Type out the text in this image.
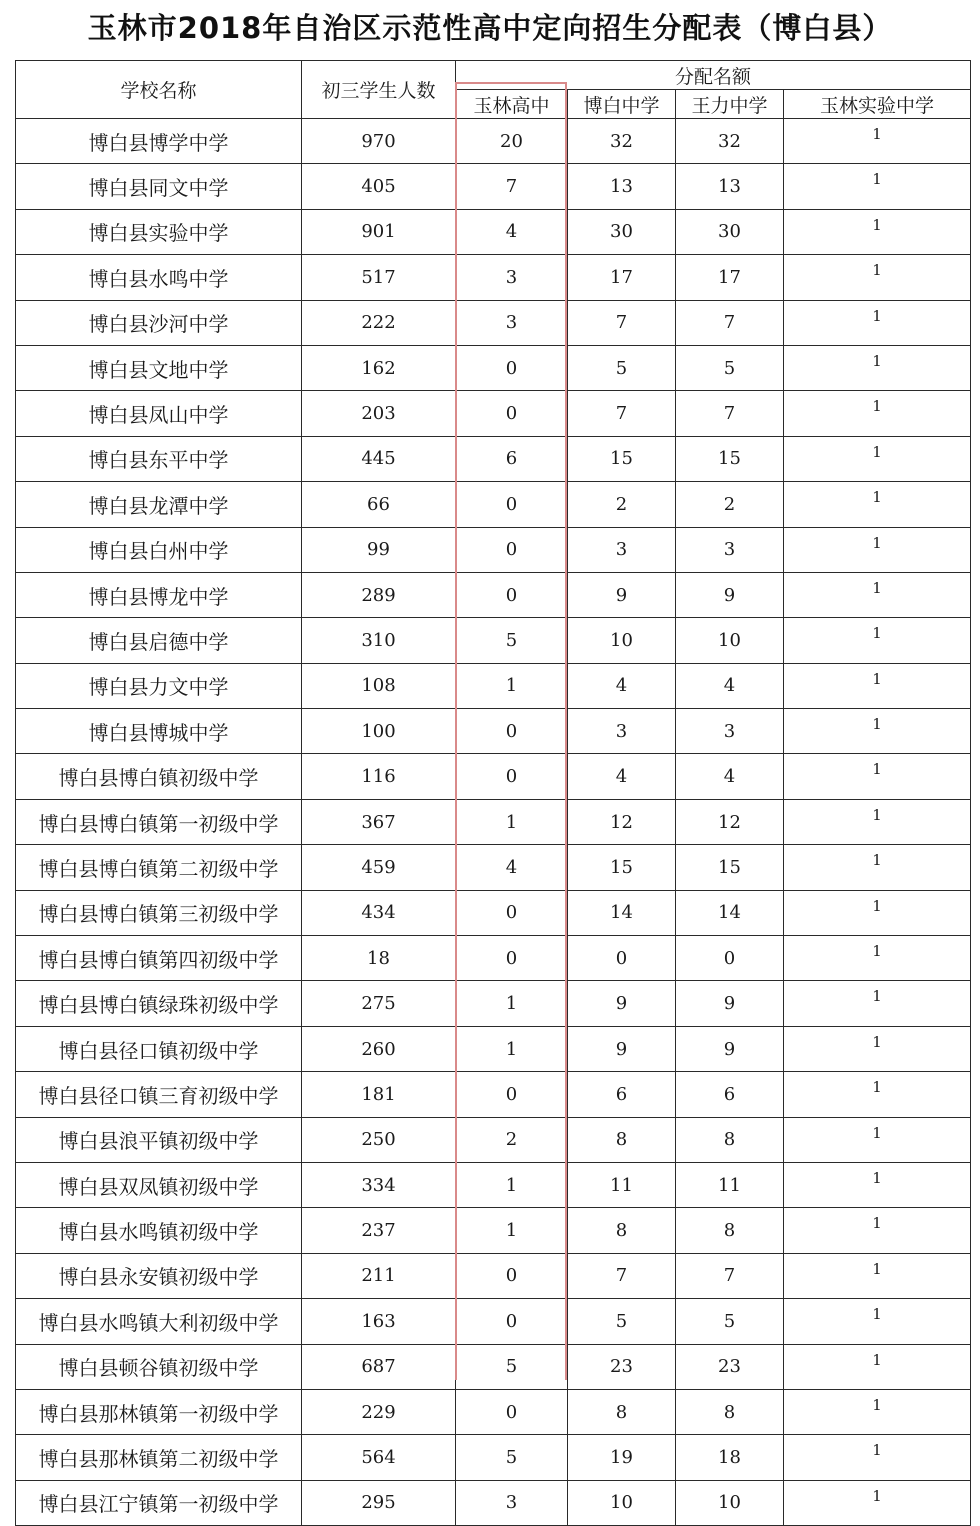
玉林市2018年自治区示范性高中定向招生分配表（博白县）
学校名称	初三学生人数	分配名额			
		玉林高中	博白中学	王力中学	玉林实验中学
博白县博学中学	970	20	32	32	1
博白县同文中学	405	7	13	13	1
博白县实验中学	901	4	30	30	1
博白县水鸣中学	517	3	17	17	1
博白县沙河中学	222	3	7	7	1
博白县文地中学	162	0	5	5	1
博白县凤山中学	203	0	7	7	1
博白县东平中学	445	6	15	15	1
博白县龙潭中学	66	0	2	2	1
博白县白州中学	99	0	3	3	1
博白县博龙中学	289	0	9	9	1
博白县启德中学	310	5	10	10	1
博白县力文中学	108	1	4	4	1
博白县博城中学	100	0	3	3	1
博白县博白镇初级中学	116	0	4	4	1
博白县博白镇第一初级中学	367	1	12	12	1
博白县博白镇第二初级中学	459	4	15	15	1
博白县博白镇第三初级中学	434	0	14	14	1
博白县博白镇第四初级中学	18	0	0	0	1
博白县博白镇绿珠初级中学	275	1	9	9	1
博白县径口镇初级中学	260	1	9	9	1
博白县径口镇三育初级中学	181	0	6	6	1
博白县浪平镇初级中学	250	2	8	8	1
博白县双凤镇初级中学	334	1	11	11	1
博白县水鸣镇初级中学	237	1	8	8	1
博白县永安镇初级中学	211	0	7	7	1
博白县水鸣镇大利初级中学	163	0	5	5	1
博白县顿谷镇初级中学	687	5	23	23	1
博白县那林镇第一初级中学	229	0	8	8	1
博白县那林镇第二初级中学	564	5	19	18	1
博白县江宁镇第一初级中学	295	3	10	10	1
